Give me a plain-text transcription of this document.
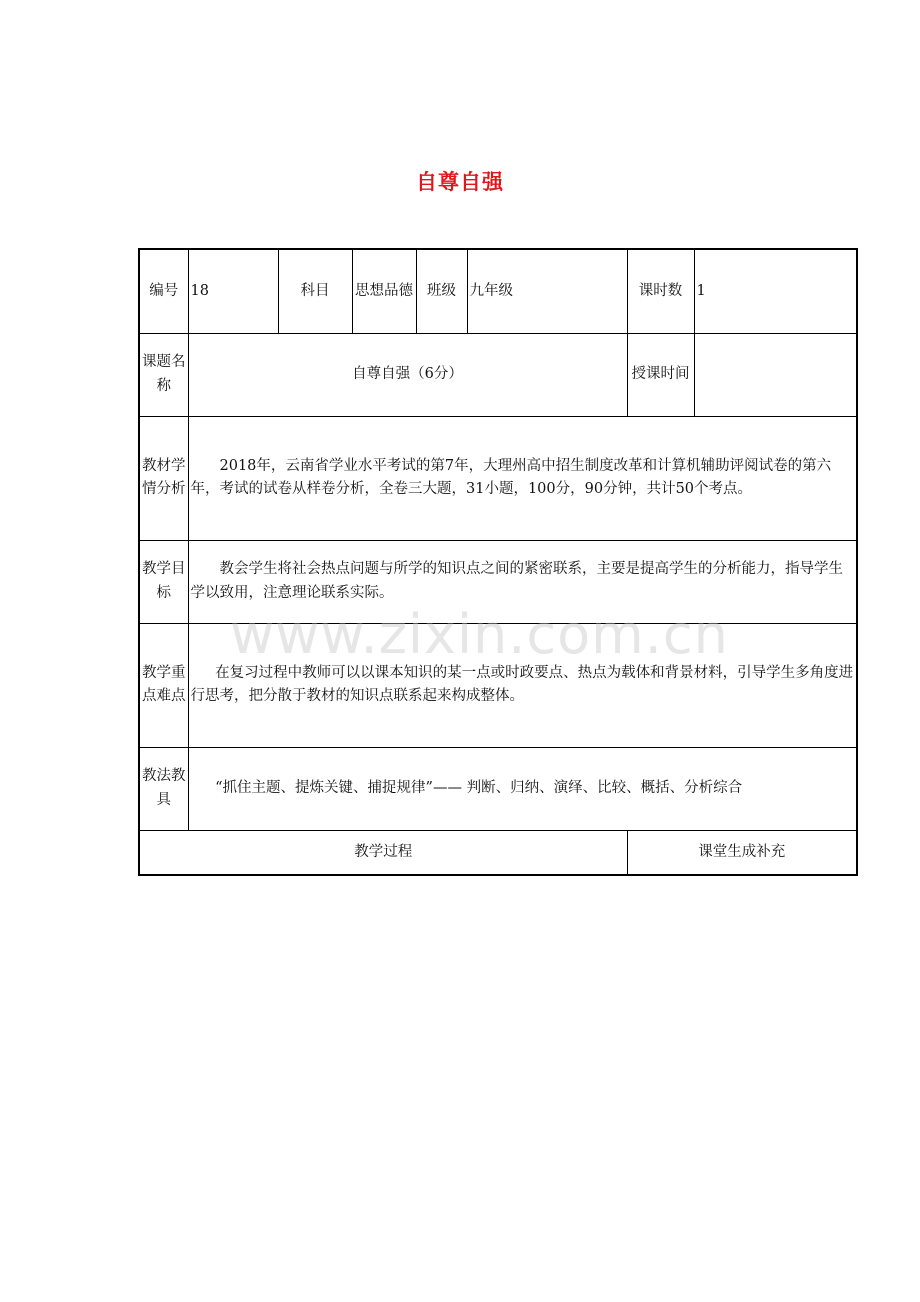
自尊自强
编号	18	科目	思想品德	班级	九年级	课时数	1
课题名称	自尊自强（6分）					授课时间	
教材学情分析	2018年，云南省学业水平考试的第7年，大理州高中招生制度改革和计算机辅助评阅试卷的第六年，考试的试卷从样卷分析，全卷三大题，31小题，100分，90分钟，共计50个考点。						
教学目标	教会学生将社会热点问题与所学的知识点之间的紧密联系，主要是提高学生的分析能力，指导学生学以致用，注意理论联系实际。						
教学重点难点	在复习过程中教师可以以课本知识的某一点或时政要点、热点为载体和背景材料，引导学生多角度进行思考，把分散于教材的知识点联系起来构成整体。						
教法教具	“抓住主题、提炼关键、捕捉规律”—— 判断、归纳、演绎、比较、概括、分析综合						
教学过程						课堂生成补充	
www.zixin.com.cn
